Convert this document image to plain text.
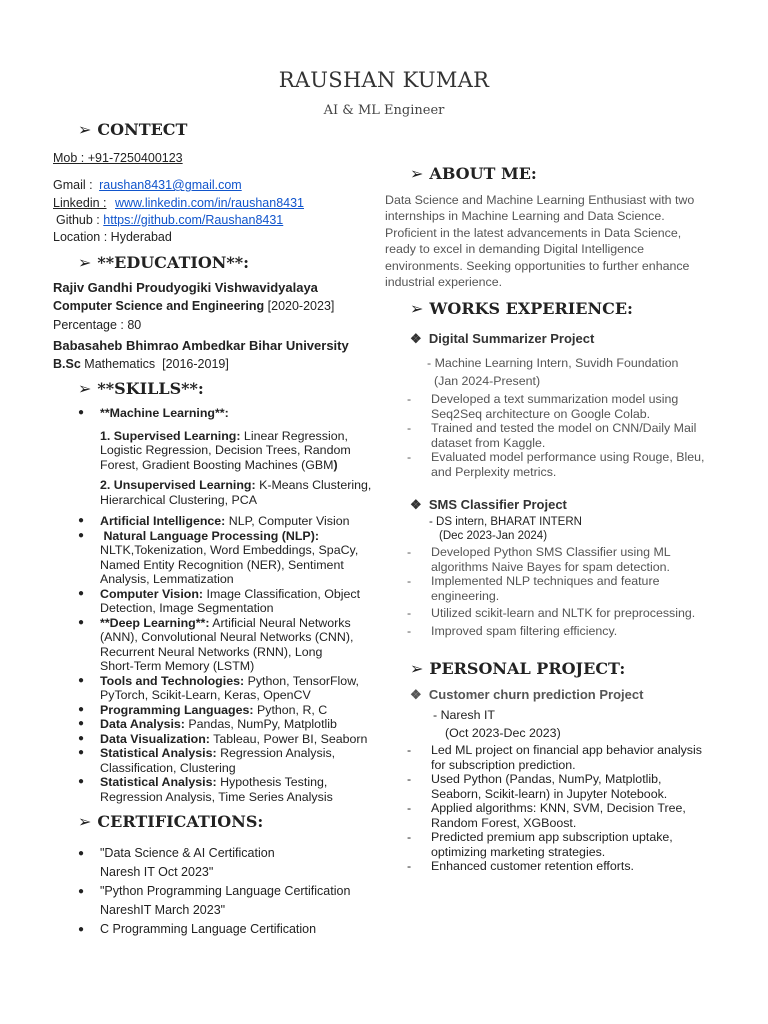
RAUSHAN KUMAR
AI & ML Engineer
➢ CONTECT
Mob : +91-7250400123
Gmail : raushan8431@gmail.com
Linkedin : www.linkedin.com/in/raushan8431
Github : https://github.com/Raushan8431
Location : Hyderabad
➢ **EDUCATION**:
Rajiv Gandhi Proudyogiki Vishwavidyalaya
Computer Science and Engineering [2020-2023]
Percentage : 80
Babasaheb Bhimrao Ambedkar Bihar University
B.Sc Mathematics [2016-2019]
➢ **SKILLS**:
● **Machine Learning**:
1. Supervised Learning: Linear Regression,
Logistic Regression, Decision Trees, Random
Forest, Gradient Boosting Machines (GBM)
2. Unsupervised Learning: K-Means Clustering,
Hierarchical Clustering, PCA
● Artificial Intelligence: NLP, Computer Vision
● Natural Language Processing (NLP):
NLTK,Tokenization, Word Embeddings, SpaCy,
Named Entity Recognition (NER), Sentiment
Analysis, Lemmatization
● Computer Vision: Image Classification, Object
Detection, Image Segmentation
● **Deep Learning**: Artificial Neural Networks
(ANN), Convolutional Neural Networks (CNN),
Recurrent Neural Networks (RNN), Long
Short-Term Memory (LSTM)
● Tools and Technologies: Python, TensorFlow,
PyTorch, Scikit-Learn, Keras, OpenCV
● Programming Languages: Python, R, C
● Data Analysis: Pandas, NumPy, Matplotlib
● Data Visualization: Tableau, Power BI, Seaborn
● Statistical Analysis: Regression Analysis,
Classification, Clustering
● Statistical Analysis: Hypothesis Testing,
Regression Analysis, Time Series Analysis
➢ CERTIFICATIONS:
● "Data Science & AI Certification
Naresh IT Oct 2023"
● "Python Programming Language Certification
NareshIT March 2023"
● C Programming Language Certification
➢ ABOUT ME:
Data Science and Machine Learning Enthusiast with two
internships in Machine Learning and Data Science.
Proficient in the latest advancements in Data Science,
ready to excel in demanding Digital Intelligence
environments. Seeking opportunities to further enhance
industrial experience.
➢ WORKS EXPERIENCE:
❖ Digital Summarizer Project
- Machine Learning Intern, Suvidh Foundation
(Jan 2024-Present)
- Developed a text summarization model using
Seq2Seq architecture on Google Colab.
- Trained and tested the model on CNN/Daily Mail
dataset from Kaggle.
- Evaluated model performance using Rouge, Bleu,
and Perplexity metrics.
❖ SMS Classifier Project
- DS intern, BHARAT INTERN
(Dec 2023-Jan 2024)
- Developed Python SMS Classifier using ML
algorithms Naive Bayes for spam detection.
- Implemented NLP techniques and feature
engineering.
- Utilized scikit-learn and NLTK for preprocessing.
- Improved spam filtering efficiency.
➢ PERSONAL PROJECT:
❖ Customer churn prediction Project
- Naresh IT
(Oct 2023-Dec 2023)
- Led ML project on financial app behavior analysis
for subscription prediction.
- Used Python (Pandas, NumPy, Matplotlib,
Seaborn, Scikit-learn) in Jupyter Notebook.
- Applied algorithms: KNN, SVM, Decision Tree,
Random Forest, XGBoost.
- Predicted premium app subscription uptake,
optimizing marketing strategies.
- Enhanced customer retention efforts.
